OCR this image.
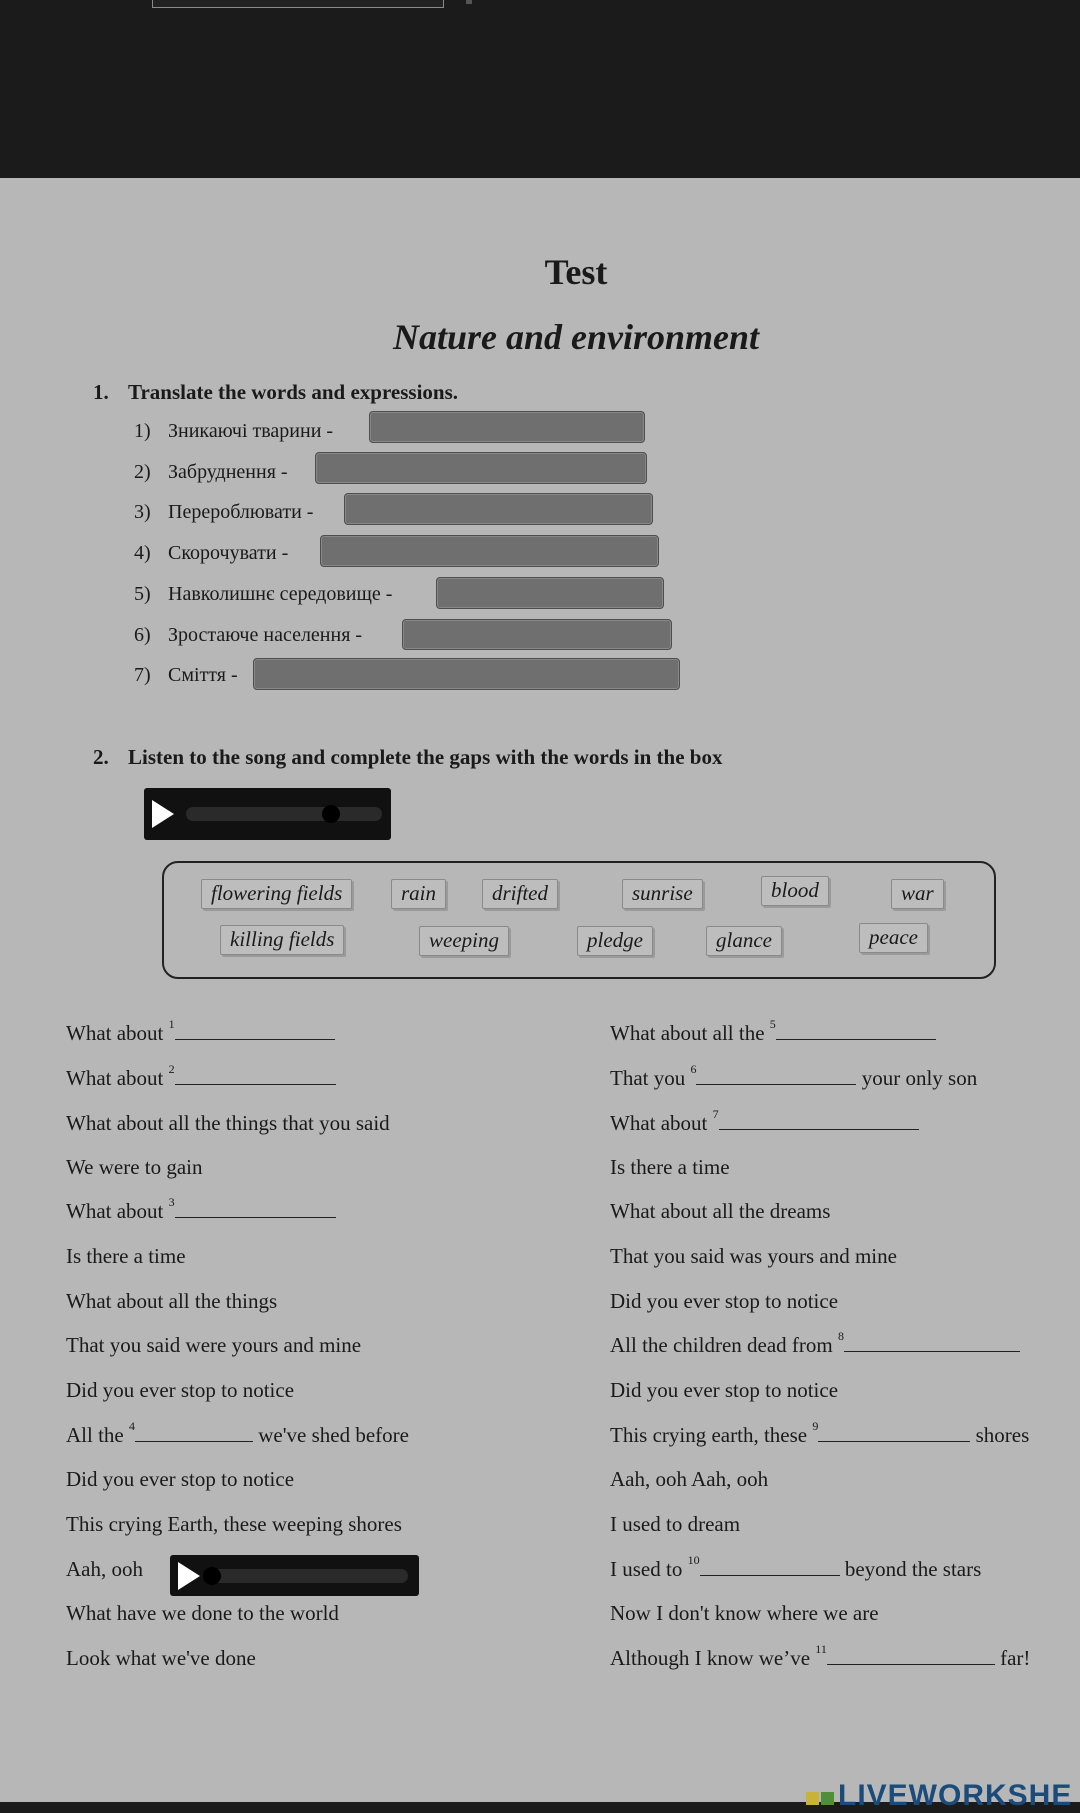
Test
Nature and environment
1. Translate the words and expressions.
1) Зникаючі тварини -
2) Забруднення -
3) Перероблювати -
4) Скорочувати -
5) Навколишнє середовище -
6) Зростаюче населення -
7) Сміття -
2. Listen to the song and complete the gaps with the words in the box
flowering fields	rain	drifted	sunrise	blood	war
killing fields	weeping	pledge	glance	peace
What about $^1$
What about $^2$
What about all the things that you said
We were to gain
What about $^3$
Is there a time
What about all the things
That you said were yours and mine
Did you ever stop to notice
All the $^4$	we've shed before
Did you ever stop to notice
This crying Earth, these weeping shores
Aah, ooh
What have we done to the world
Look what we've done
What about all the $^5$
That you $^6$	your only son
What about $^7$
Is there a time
What about all the dreams
That you said was yours and mine
Did you ever stop to notice
All the children dead from $^8$
Did you ever stop to notice
This crying earth, these $^9$	shores
Aah, ooh Aah, ooh
I used to dream
I used to $^{10}$	beyond the stars
Now I don't know where we are
Although I know we’ve $^{11}$	far!
LIVEWORKSHE
